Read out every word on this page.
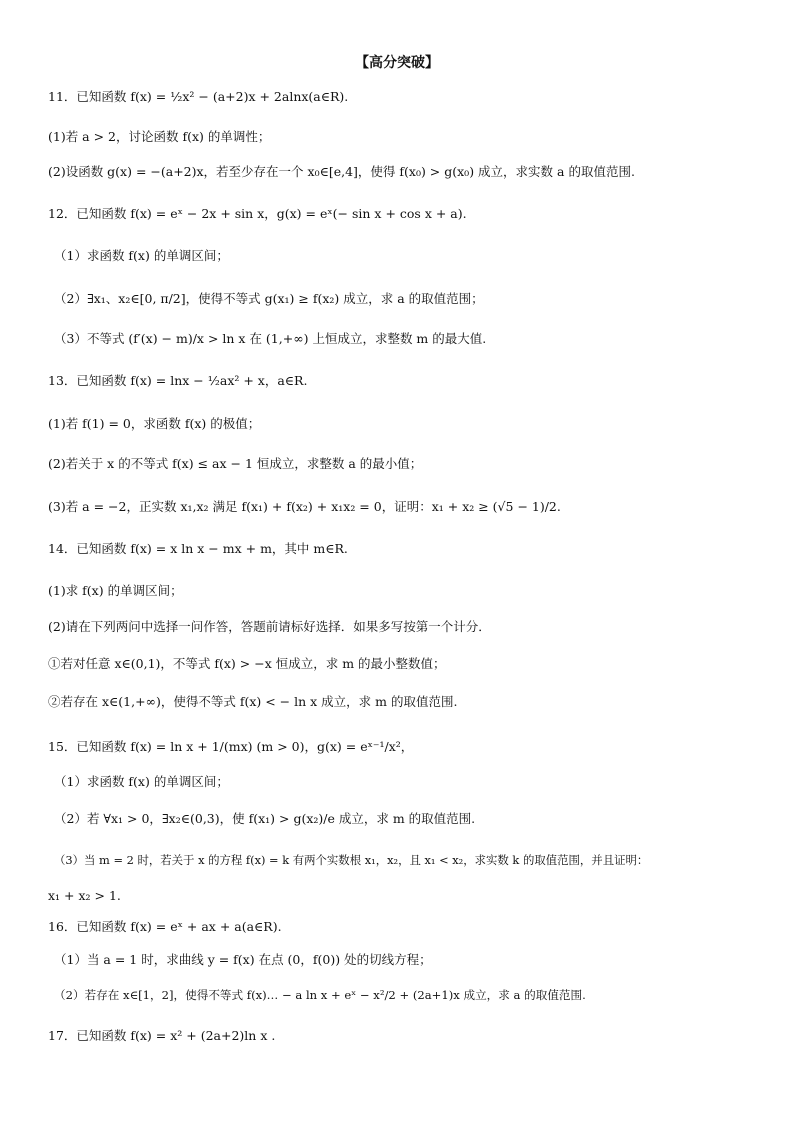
【高分突破】
11．已知函数 f(x) = ½x² − (a+2)x + 2alnx(a∈R).
(1)若 a > 2，讨论函数 f(x) 的单调性；
(2)设函数 g(x) = −(a+2)x，若至少存在一个 x₀∈[e,4]，使得 f(x₀) > g(x₀) 成立，求实数 a 的取值范围.
12．已知函数 f(x) = eˣ − 2x + sin x，g(x) = eˣ(− sin x + cos x + a).
（1）求函数 f(x) 的单调区间；
（2）∃x₁、x₂∈[0, π/2]，使得不等式 g(x₁) ≥ f(x₂) 成立，求 a 的取值范围；
（3）不等式 (f′(x) − m)/x > ln x 在 (1,+∞) 上恒成立，求整数 m 的最大值.
13．已知函数 f(x) = lnx − ½ax² + x，a∈R.
(1)若 f(1) = 0，求函数 f(x) 的极值；
(2)若关于 x 的不等式 f(x) ≤ ax − 1 恒成立，求整数 a 的最小值；
(3)若 a = −2，正实数 x₁,x₂ 满足 f(x₁) + f(x₂) + x₁x₂ = 0，证明：x₁ + x₂ ≥ (√5 − 1)/2.
14．已知函数 f(x) = x ln x − mx + m，其中 m∈R.
(1)求 f(x) 的单调区间；
(2)请在下列两问中选择一问作答，答题前请标好选择．如果多写按第一个计分．
①若对任意 x∈(0,1)，不等式 f(x) > −x 恒成立，求 m 的最小整数值；
②若存在 x∈(1,+∞)，使得不等式 f(x) < − ln x 成立，求 m 的取值范围.
15．已知函数 f(x) = ln x + 1/(mx) (m > 0)，g(x) = eˣ⁻¹/x²，
（1）求函数 f(x) 的单调区间；
（2）若 ∀x₁ > 0，∃x₂∈(0,3)，使 f(x₁) > g(x₂)/e 成立，求 m 的取值范围.
（3）当 m = 2 时，若关于 x 的方程 f(x) = k 有两个实数根 x₁，x₂，且 x₁ < x₂，求实数 k 的取值范围，并且证明：
x₁ + x₂ > 1.
16．已知函数 f(x) = eˣ + ax + a(a∈R).
（1）当 a = 1 时，求曲线 y = f(x) 在点 (0，f(0)) 处的切线方程；
（2）若存在 x∈[1，2]，使得不等式 f(x)… − a ln x + eˣ − x²/2 + (2a+1)x 成立，求 a 的取值范围.
17．已知函数 f(x) = x² + (2a+2)ln x .
